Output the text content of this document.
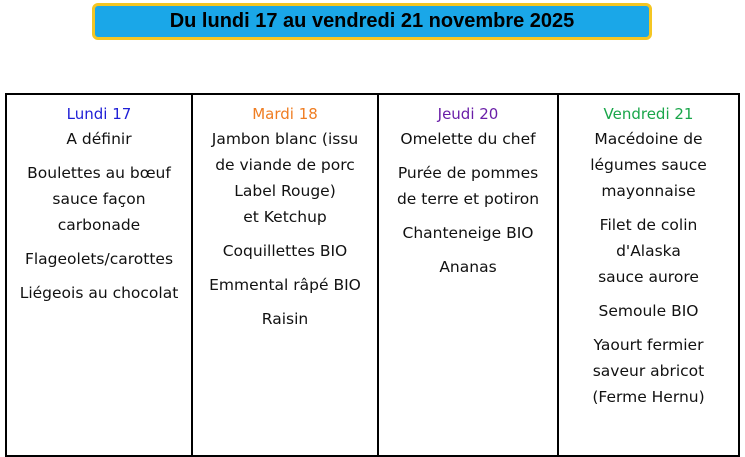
Du lundi 17 au vendredi 21 novembre 2025
Lundi 17
A définir
Boulettes au bœuf
sauce façon
carbonade
Flageolets/carottes
Liégeois au chocolat
Mardi 18
Jambon blanc (issu
de viande de porc
Label Rouge)
et Ketchup
Coquillettes BIO
Emmental râpé BIO
Raisin
Jeudi 20
Omelette du chef
Purée de pommes
de terre et potiron
Chanteneige BIO
Ananas
Vendredi 21
Macédoine de
légumes sauce
mayonnaise
Filet de colin
d'Alaska
sauce aurore
Semoule BIO
Yaourt fermier
saveur abricot
(Ferme Hernu)
